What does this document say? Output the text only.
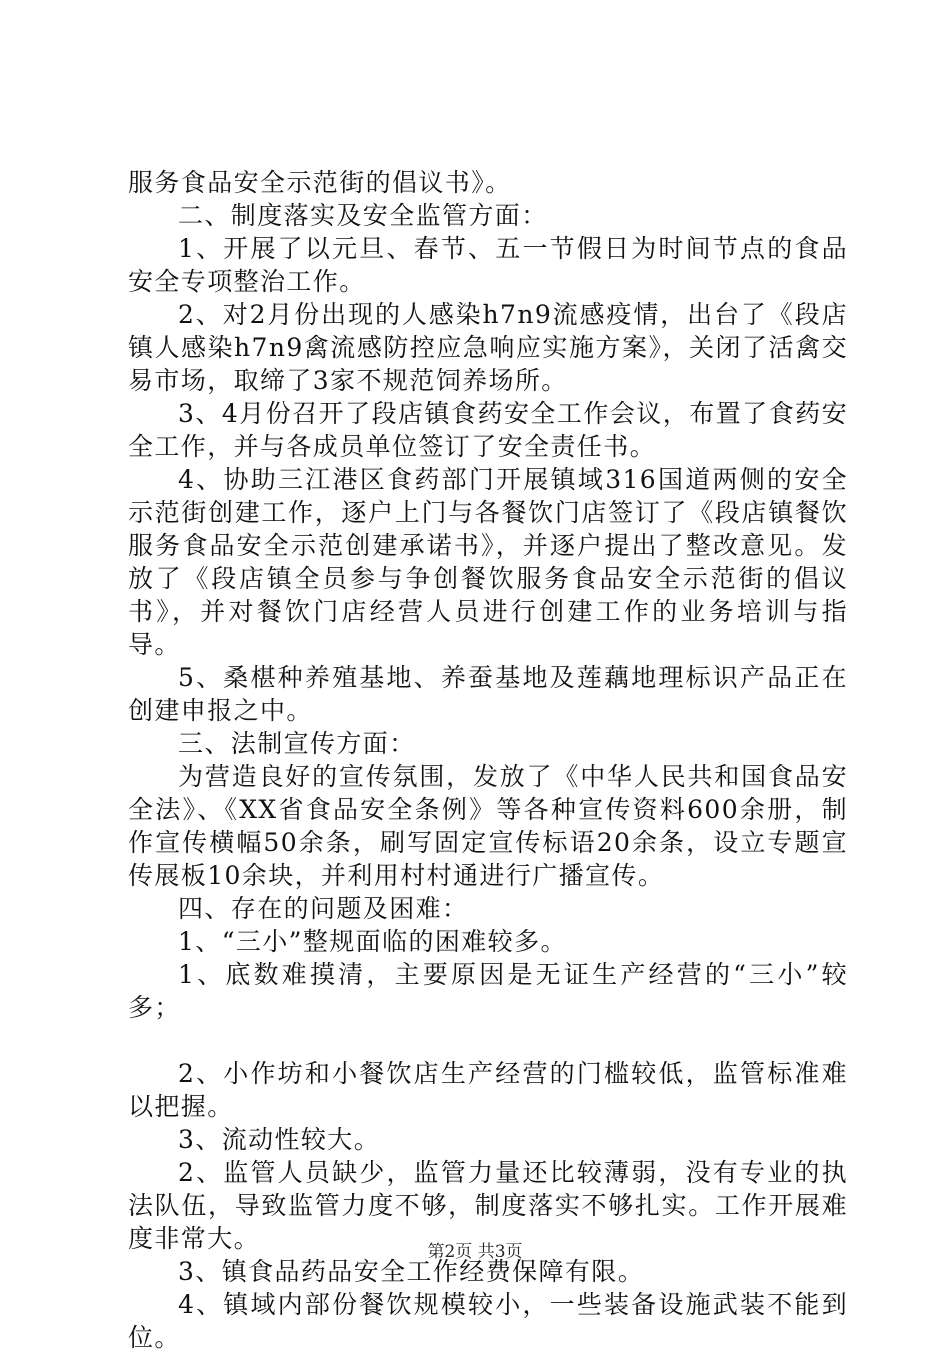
服务食品安全示范街的倡议书》。

二、制度落实及安全监管方面：

1、开展了以元旦、春节、五一节假日为时间节点的食品安全专项整治工作。

2、对2月份出现的人感染h7n9流感疫情，出台了《段店镇人感染h7n9禽流感防控应急响应实施方案》，关闭了活禽交易市场，取缔了3家不规范饲养场所。

3、4月份召开了段店镇食药安全工作会议，布置了食药安全工作，并与各成员单位签订了安全责任书。

4、协助三江港区食药部门开展镇域316国道两侧的安全示范街创建工作，逐户上门与各餐饮门店签订了《段店镇餐饮服务食品安全示范创建承诺书》，并逐户提出了整改意见。发放了《段店镇全员参与争创餐饮服务食品安全示范街的倡议书》，并对餐饮门店经营人员进行创建工作的业务培训与指导。

5、桑椹种养殖基地、养蚕基地及莲藕地理标识产品正在创建申报之中。

三、法制宣传方面：

为营造良好的宣传氛围，发放了《中华人民共和国食品安全法》、《XX省食品安全条例》等各种宣传资料600余册，制作宣传横幅50余条，刷写固定宣传标语20余条，设立专题宣传展板10余块，并利用村村通进行广播宣传。

四、存在的问题及困难：

1、“三小”整规面临的困难较多。

1、底数难摸清，主要原因是无证生产经营的“三小”较多；

2、小作坊和小餐饮店生产经营的门槛较低，监管标准难以把握。

3、流动性较大。

2、监管人员缺少，监管力量还比较薄弱，没有专业的执法队伍，导致监管力度不够，制度落实不够扎实。工作开展难度非常大。

3、镇食品药品安全工作经费保障有限。

4、镇域内部份餐饮规模较小，一些装备设施武装不能到位。

第2页 共3页
